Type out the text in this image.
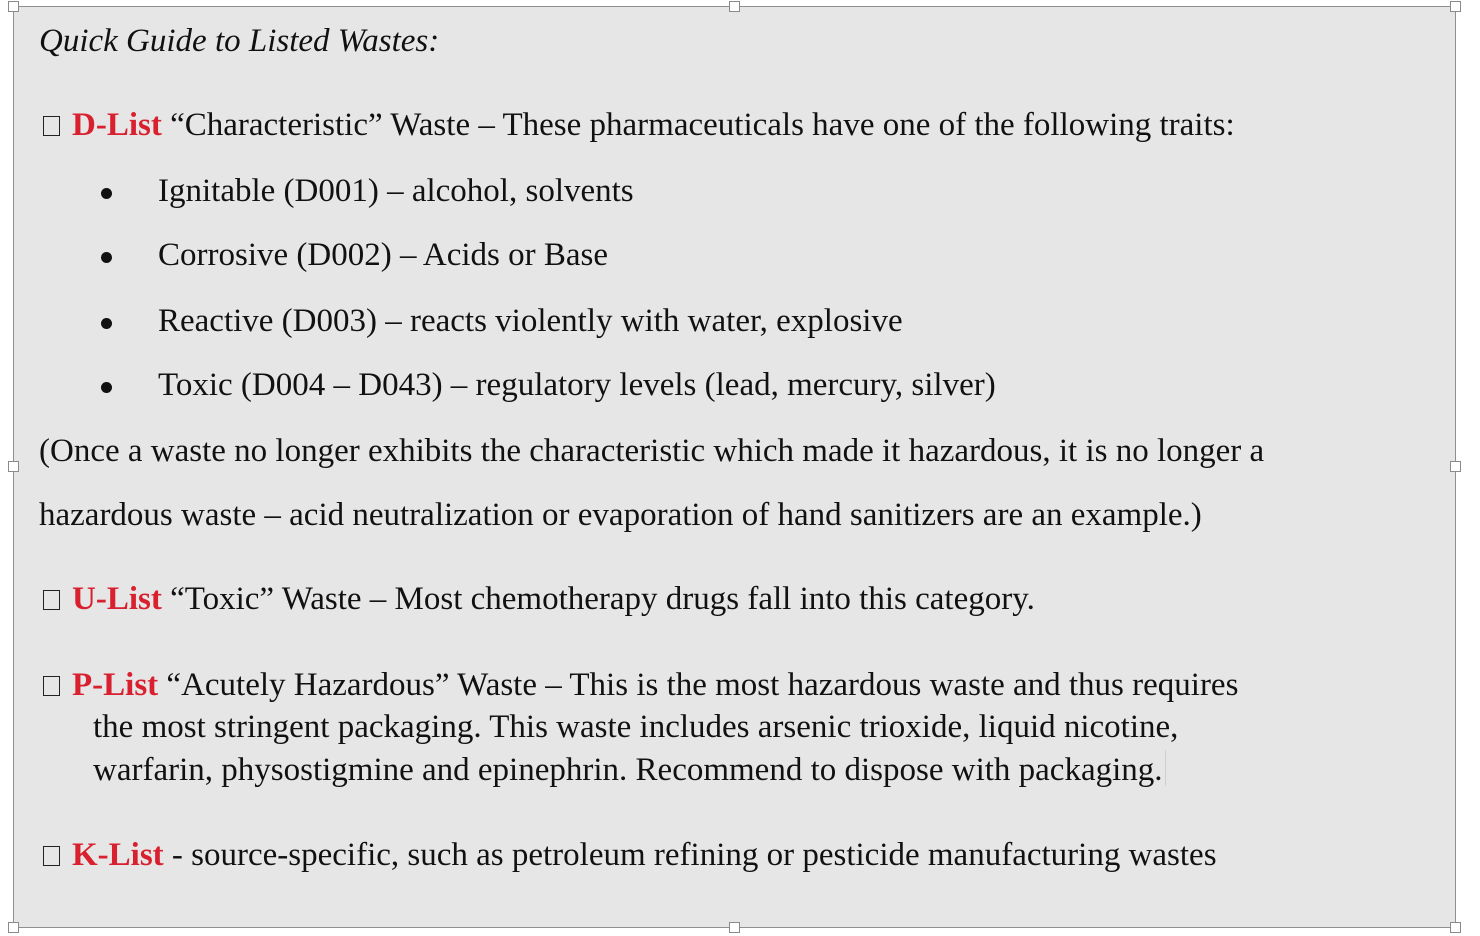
Quick Guide to Listed Wastes:
D-List “Characteristic” Waste – These pharmaceuticals have one of the following traits:
Ignitable (D001) – alcohol, solvents
Corrosive (D002) – Acids or Base
Reactive (D003) – reacts violently with water, explosive
Toxic (D004 – D043) – regulatory levels (lead, mercury, silver)
(Once a waste no longer exhibits the characteristic which made it hazardous, it is no longer a
hazardous waste – acid neutralization or evaporation of hand sanitizers are an example.)
U-List “Toxic” Waste – Most chemotherapy drugs fall into this category.
P-List “Acutely Hazardous” Waste – This is the most hazardous waste and thus requires
the most stringent packaging. This waste includes arsenic trioxide, liquid nicotine,
warfarin, physostigmine and epinephrin. Recommend to dispose with packaging.
K-List - source-specific, such as petroleum refining or pesticide manufacturing wastes
